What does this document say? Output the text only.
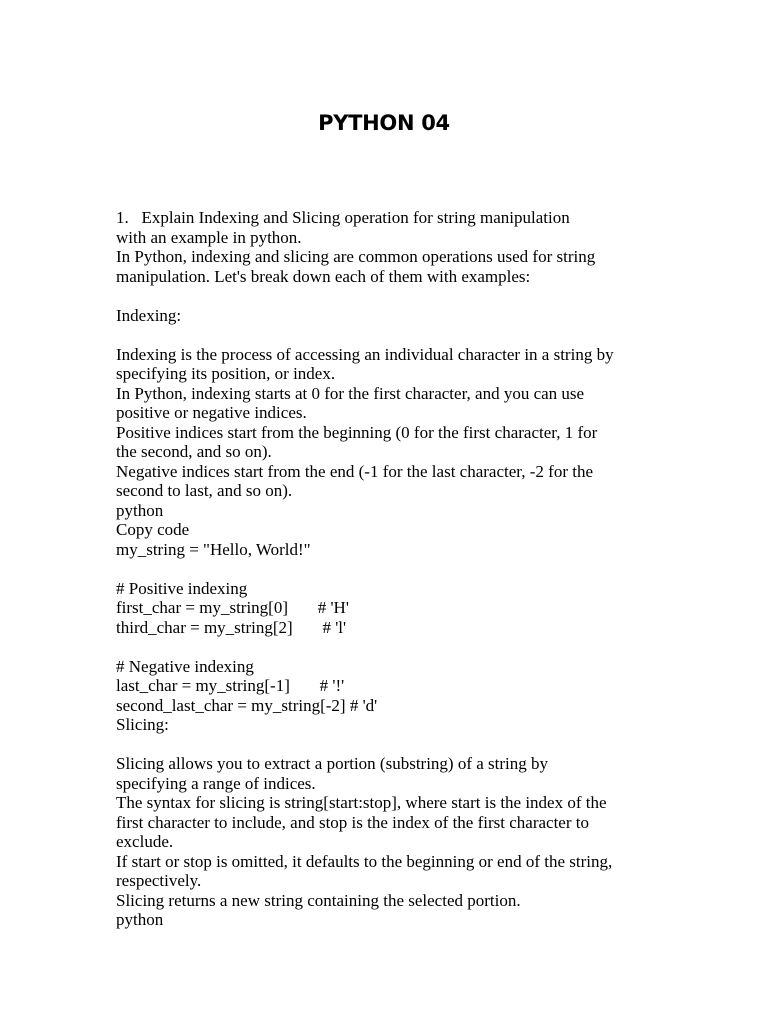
PYTHON 04
1.   Explain Indexing and Slicing operation for string manipulation
with an example in python.
In Python, indexing and slicing are common operations used for string
manipulation. Let's break down each of them with examples:
Indexing:
Indexing is the process of accessing an individual character in a string by
specifying its position, or index.
In Python, indexing starts at 0 for the first character, and you can use
positive or negative indices.
Positive indices start from the beginning (0 for the first character, 1 for
the second, and so on).
Negative indices start from the end (-1 for the last character, -2 for the
second to last, and so on).
python
Copy code
my_string = "Hello, World!"
# Positive indexing
first_char = my_string[0]       # 'H'
third_char = my_string[2]       # 'l'
# Negative indexing
last_char = my_string[-1]       # '!'
second_last_char = my_string[-2] # 'd'
Slicing:
Slicing allows you to extract a portion (substring) of a string by
specifying a range of indices.
The syntax for slicing is string[start:stop], where start is the index of the
first character to include, and stop is the index of the first character to
exclude.
If start or stop is omitted, it defaults to the beginning or end of the string,
respectively.
Slicing returns a new string containing the selected portion.
python
